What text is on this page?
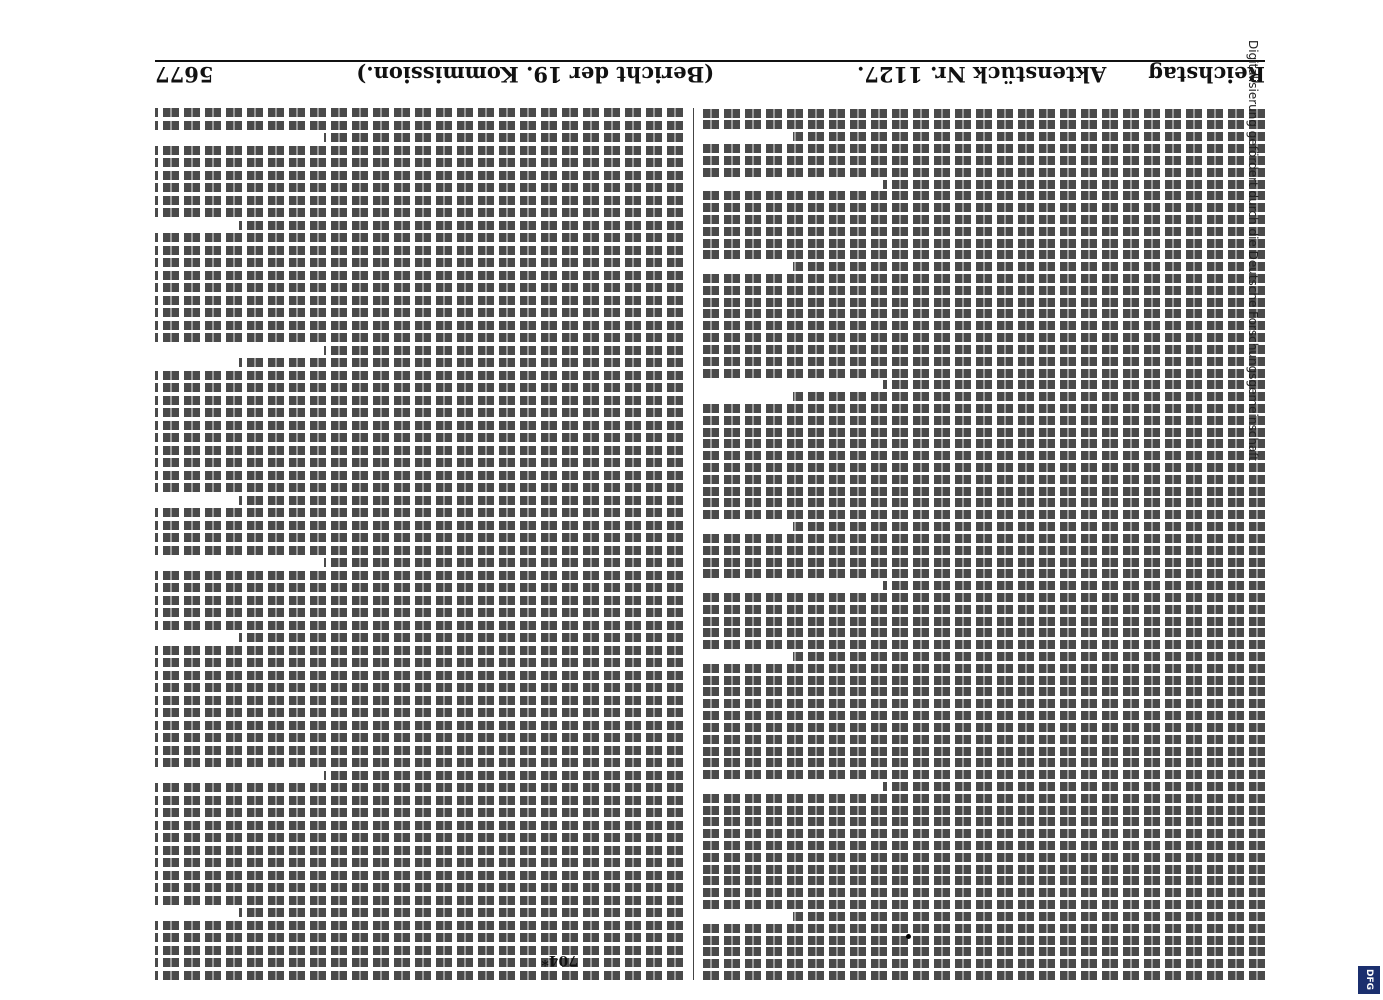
Reichstag
Aktenstück Nr. 1127.
(Bericht der 19. Kommission.)
5677
704*
Digitalisierung gefördert durch die Deutsche Forschungsgemeinschaft
DFG
